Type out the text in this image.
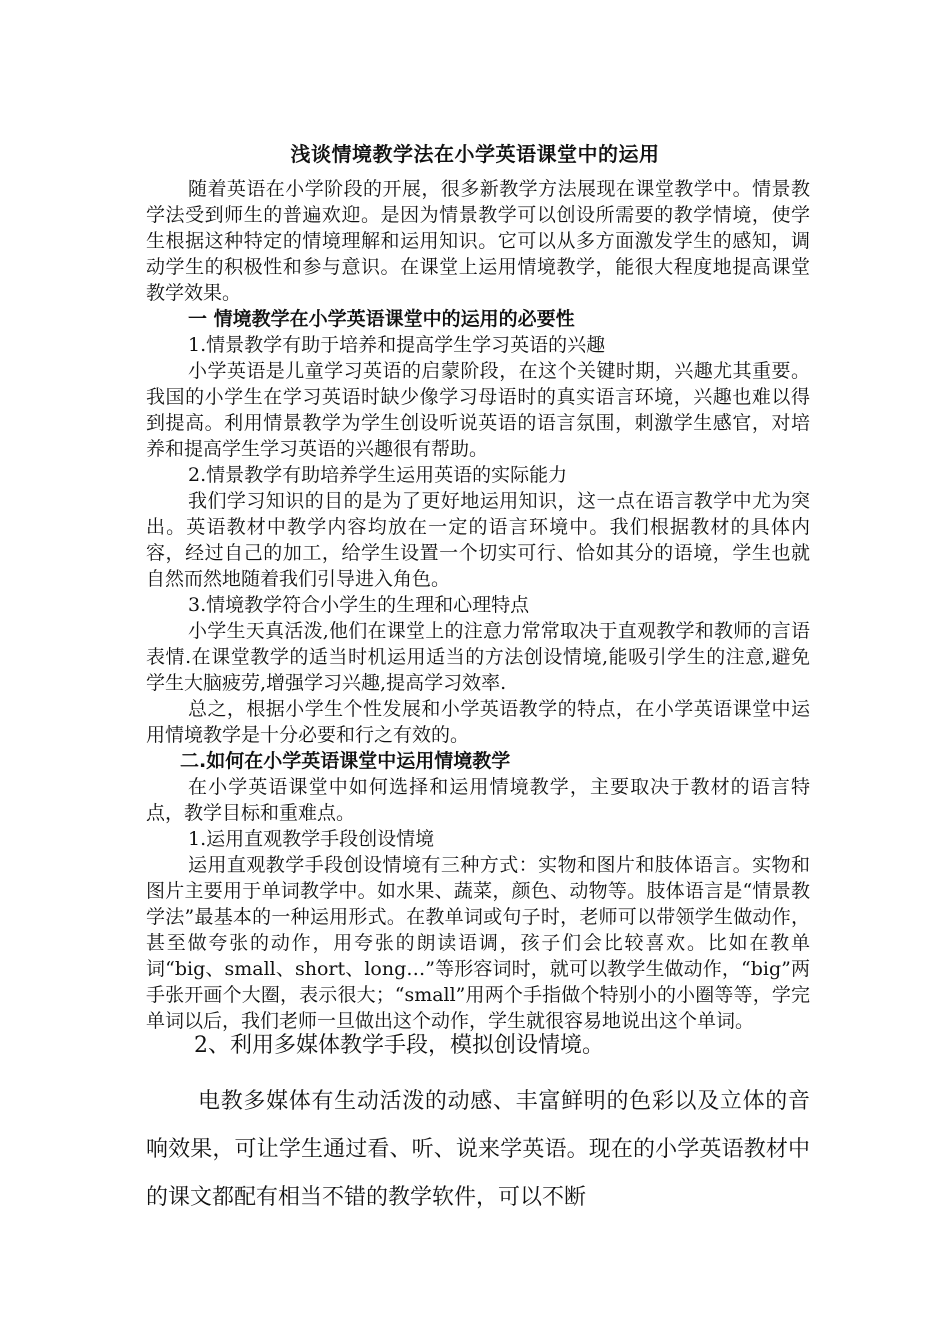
浅谈情境教学法在小学英语课堂中的运用

随着英语在小学阶段的开展，很多新教学方法展现在课堂教学中。情景教学法受到师生的普遍欢迎。是因为情景教学可以创设所需要的教学情境，使学生根据这种特定的情境理解和运用知识。它可以从多方面激发学生的感知，调动学生的积极性和参与意识。在课堂上运用情境教学，能很大程度地提高课堂教学效果。

一 情境教学在小学英语课堂中的运用的必要性

1.情景教学有助于培养和提高学生学习英语的兴趣

小学英语是儿童学习英语的启蒙阶段，在这个关键时期，兴趣尤其重要。我国的小学生在学习英语时缺少像学习母语时的真实语言环境，兴趣也难以得到提高。利用情景教学为学生创设听说英语的语言氛围，刺激学生感官，对培养和提高学生学习英语的兴趣很有帮助。

2.情景教学有助培养学生运用英语的实际能力

我们学习知识的目的是为了更好地运用知识，这一点在语言教学中尤为突出。英语教材中教学内容均放在一定的语言环境中。我们根据教材的具体内容，经过自己的加工，给学生设置一个切实可行、恰如其分的语境，学生也就自然而然地随着我们引导进入角色。

3.情境教学符合小学生的生理和心理特点

小学生天真活泼,他们在课堂上的注意力常常取决于直观教学和教师的言语表情.在课堂教学的适当时机运用适当的方法创设情境,能吸引学生的注意,避免学生大脑疲劳,增强学习兴趣,提高学习效率.

总之，根据小学生个性发展和小学英语教学的特点，在小学英语课堂中运用情境教学是十分必要和行之有效的。

二.如何在小学英语课堂中运用情境教学

在小学英语课堂中如何选择和运用情境教学，主要取决于教材的语言特点，教学目标和重难点。

1.运用直观教学手段创设情境

运用直观教学手段创设情境有三种方式：实物和图片和肢体语言。实物和图片主要用于单词教学中。如水果、蔬菜，颜色、动物等。肢体语言是“情景教学法”最基本的一种运用形式。在教单词或句子时，老师可以带领学生做动作，甚至做夸张的动作，用夸张的朗读语调，孩子们会比较喜欢。比如在教单词“big、small、short、long…”等形容词时，就可以教学生做动作，“big”两手张开画个大圈，表示很大；“small”用两个手指做个特别小的小圈等等，学完单词以后，我们老师一旦做出这个动作，学生就很容易地说出这个单词。

2、利用多媒体教学手段，模拟创设情境。

电教多媒体有生动活泼的动感、丰富鲜明的色彩以及立体的音响效果，可让学生通过看、听、说来学英语。现在的小学英语教材中的课文都配有相当不错的教学软件，可以不断
